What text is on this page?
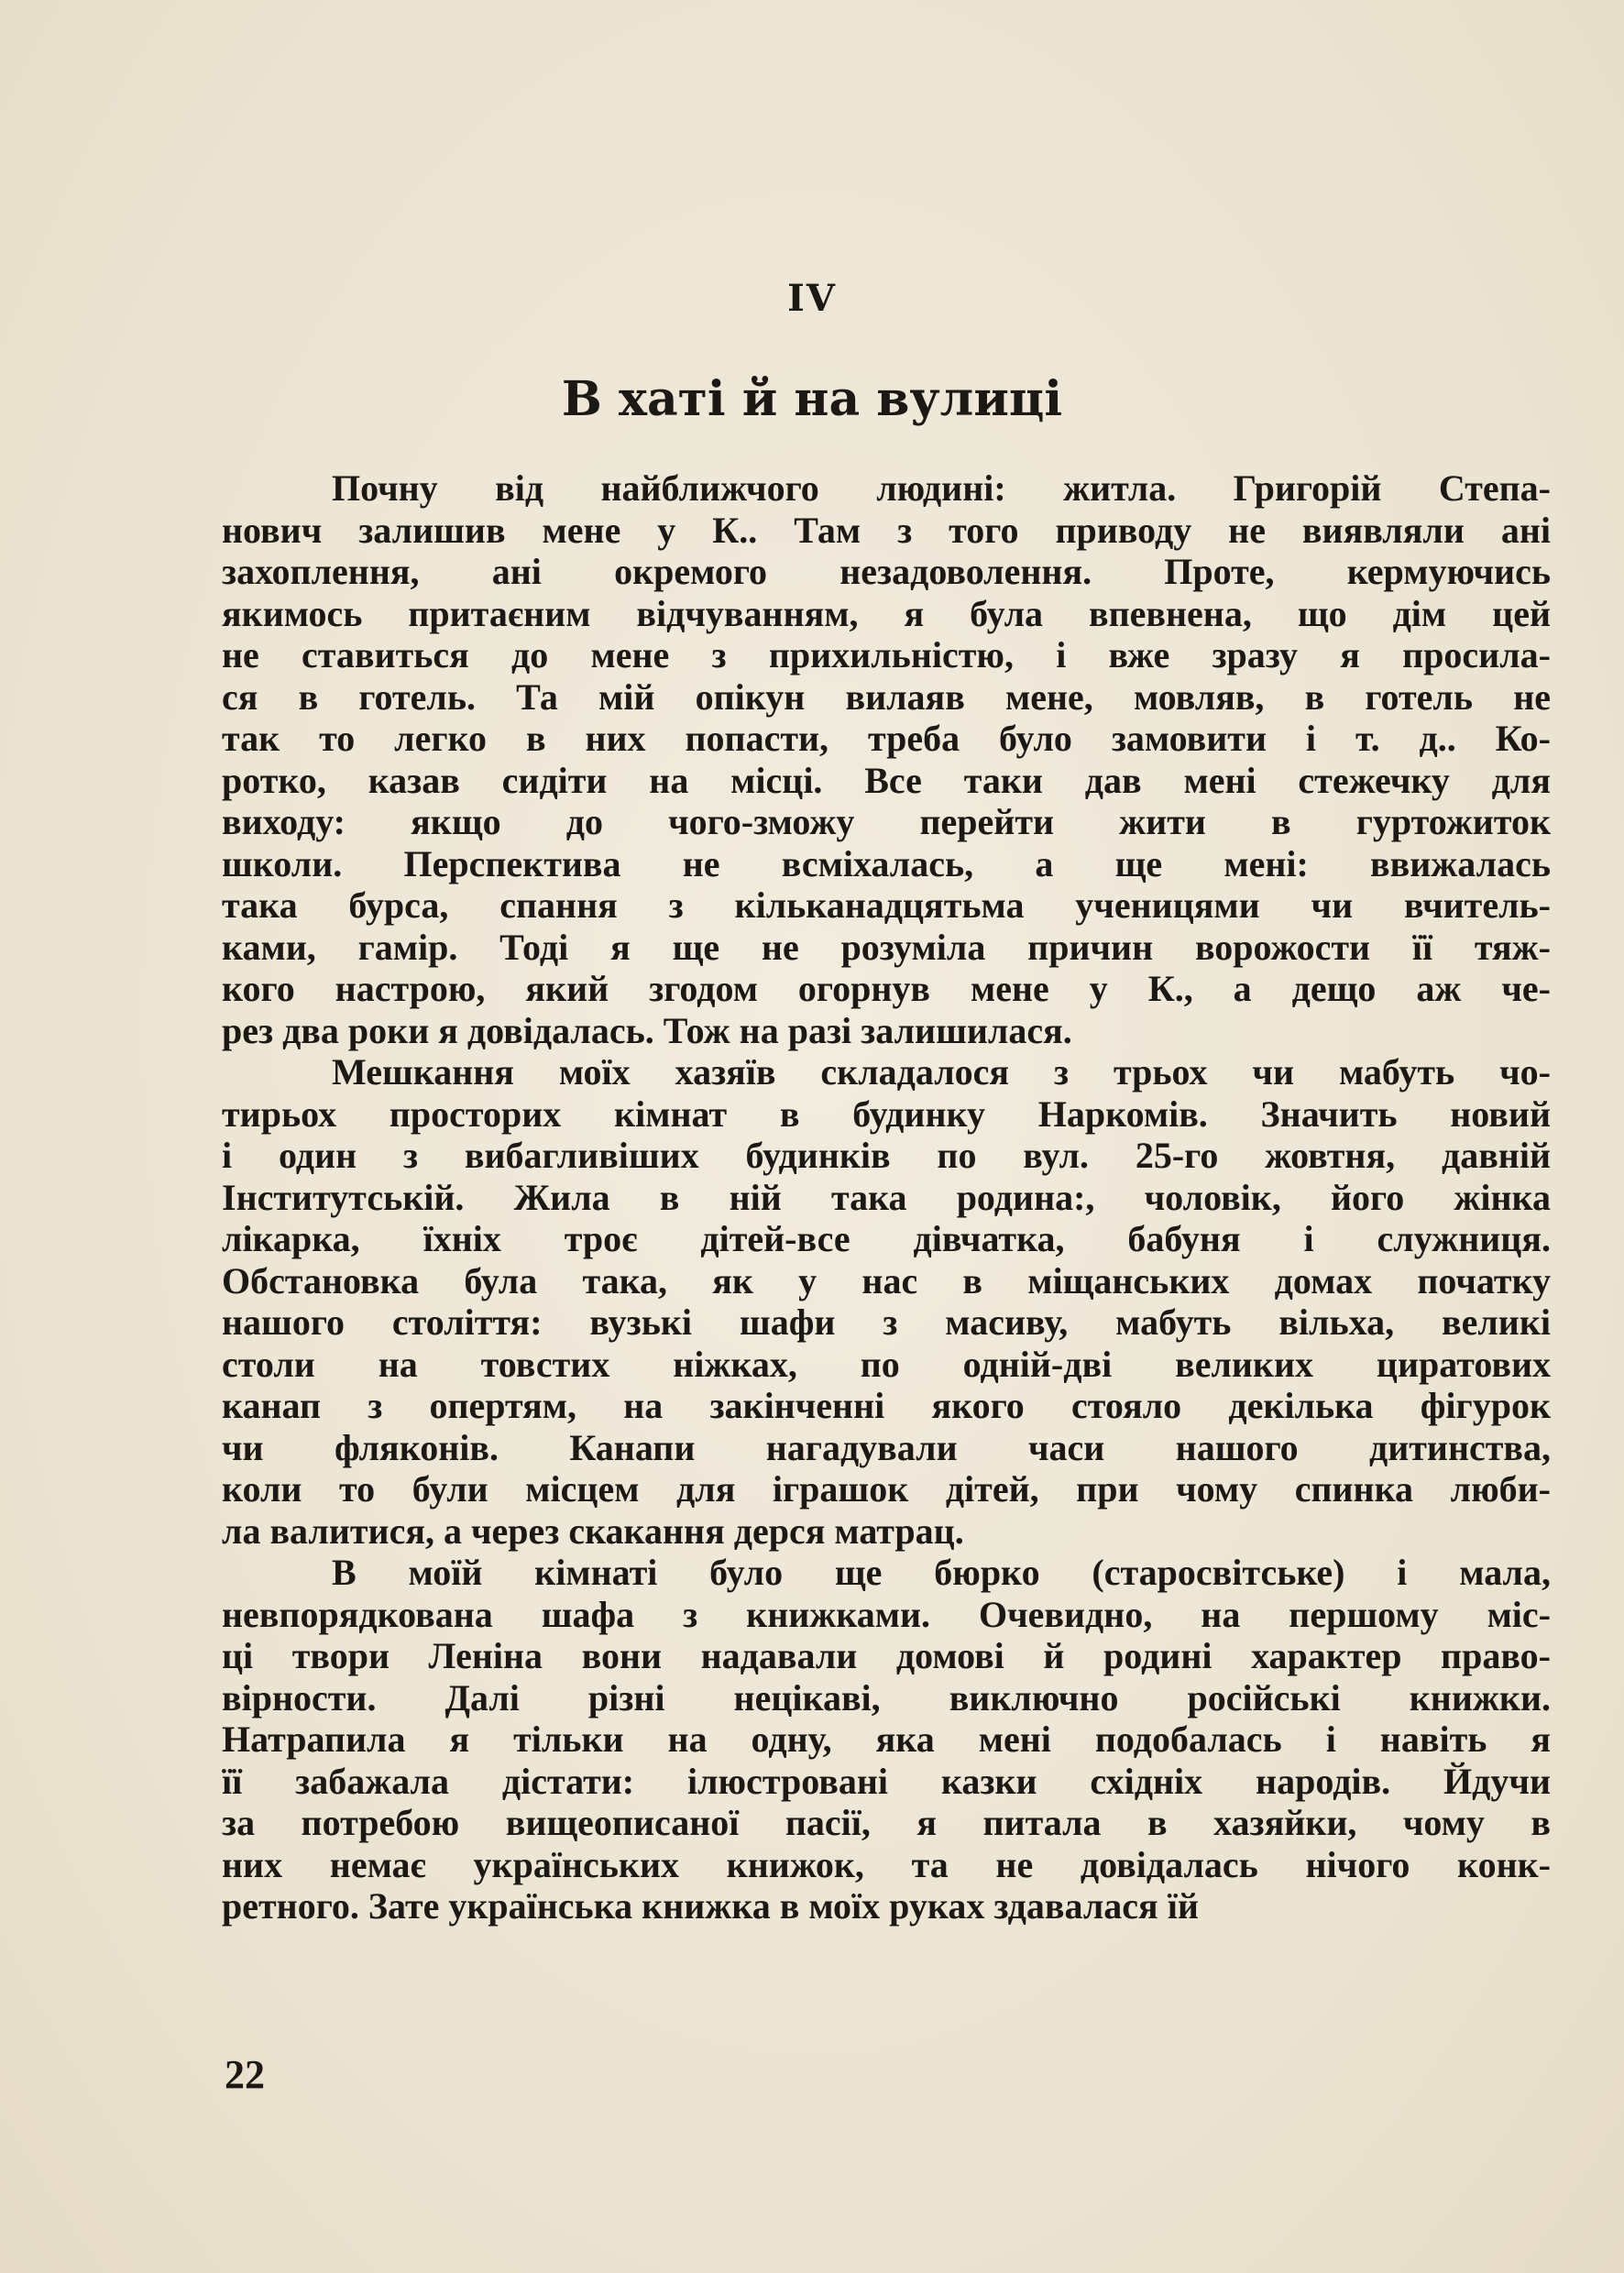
IV
В хаті й на вулиці
Почну від найближчого людині: житла. Григорій Степа-
нович залишив мене у К.. Там з того приводу не виявляли ані
захоплення, ані окремого незадоволення. Проте, кермуючись
якимось притаєним відчуванням, я була впевнена, що дім цей
не ставиться до мене з прихильністю, і вже зразу я просила-
ся в готель. Та мій опікун вилаяв мене, мовляв, в готель не
так то легко в них попасти, треба було замовити і т. д.. Ко-
ротко, казав сидіти на місці. Все таки дав мені стежечку для
виходу: якщо до чого-зможу перейти жити в гуртожиток
школи. Перспектива не всміхалась, а ще мені: ввижалась
така бурса, спання з кільканадцятьма ученицями чи вчитель-
ками, гамір. Тоді я ще не розуміла причин ворожости її тяж-
кого настрою, який згодом огорнув мене у К., а дещо аж че-
рез два роки я довідалась. Тож на разі залишилася.
Мешкання моїх хазяїв складалося з трьох чи мабуть чо-
тирьох просторих кімнат в будинку Наркомів. Значить новий
і один з вибагливіших будинків по вул. 25-го жовтня, давній
Інститутській. Жила в ній така родина:, чоловік, його жінка
лікарка, їхніх троє дітей-все дівчатка, бабуня і служниця.
Обстановка була така, як у нас в міщанських домах початку
нашого століття: вузькі шафи з масиву, мабуть вільха, великі
столи на товстих ніжках, по одній-дві великих циратових
канап з опертям, на закінченні якого стояло декілька фігурок
чи фляконів. Канапи нагадували часи нашого дитинства,
коли то були місцем для іграшок дітей, при чому спинка люби-
ла валитися, а через скакання дерся матрац.
В моїй кімнаті було ще бюрко (старосвітське) і мала,
невпорядкована шафа з книжками. Очевидно, на першому міс-
ці твори Леніна вони надавали домові й родині характер право-
вірности. Далі різні нецікаві, виключно російські книжки.
Натрапила я тільки на одну, яка мені подобалась і навіть я
її забажала дістати: ілюстровані казки східніх народів. Йдучи
за потребою вищеописаної пасії, я питала в хазяйки, чому в
них немає українських книжок, та не довідалась нічого конк-
ретного. Зате українська книжка в моїх руках здавалася їй
22
